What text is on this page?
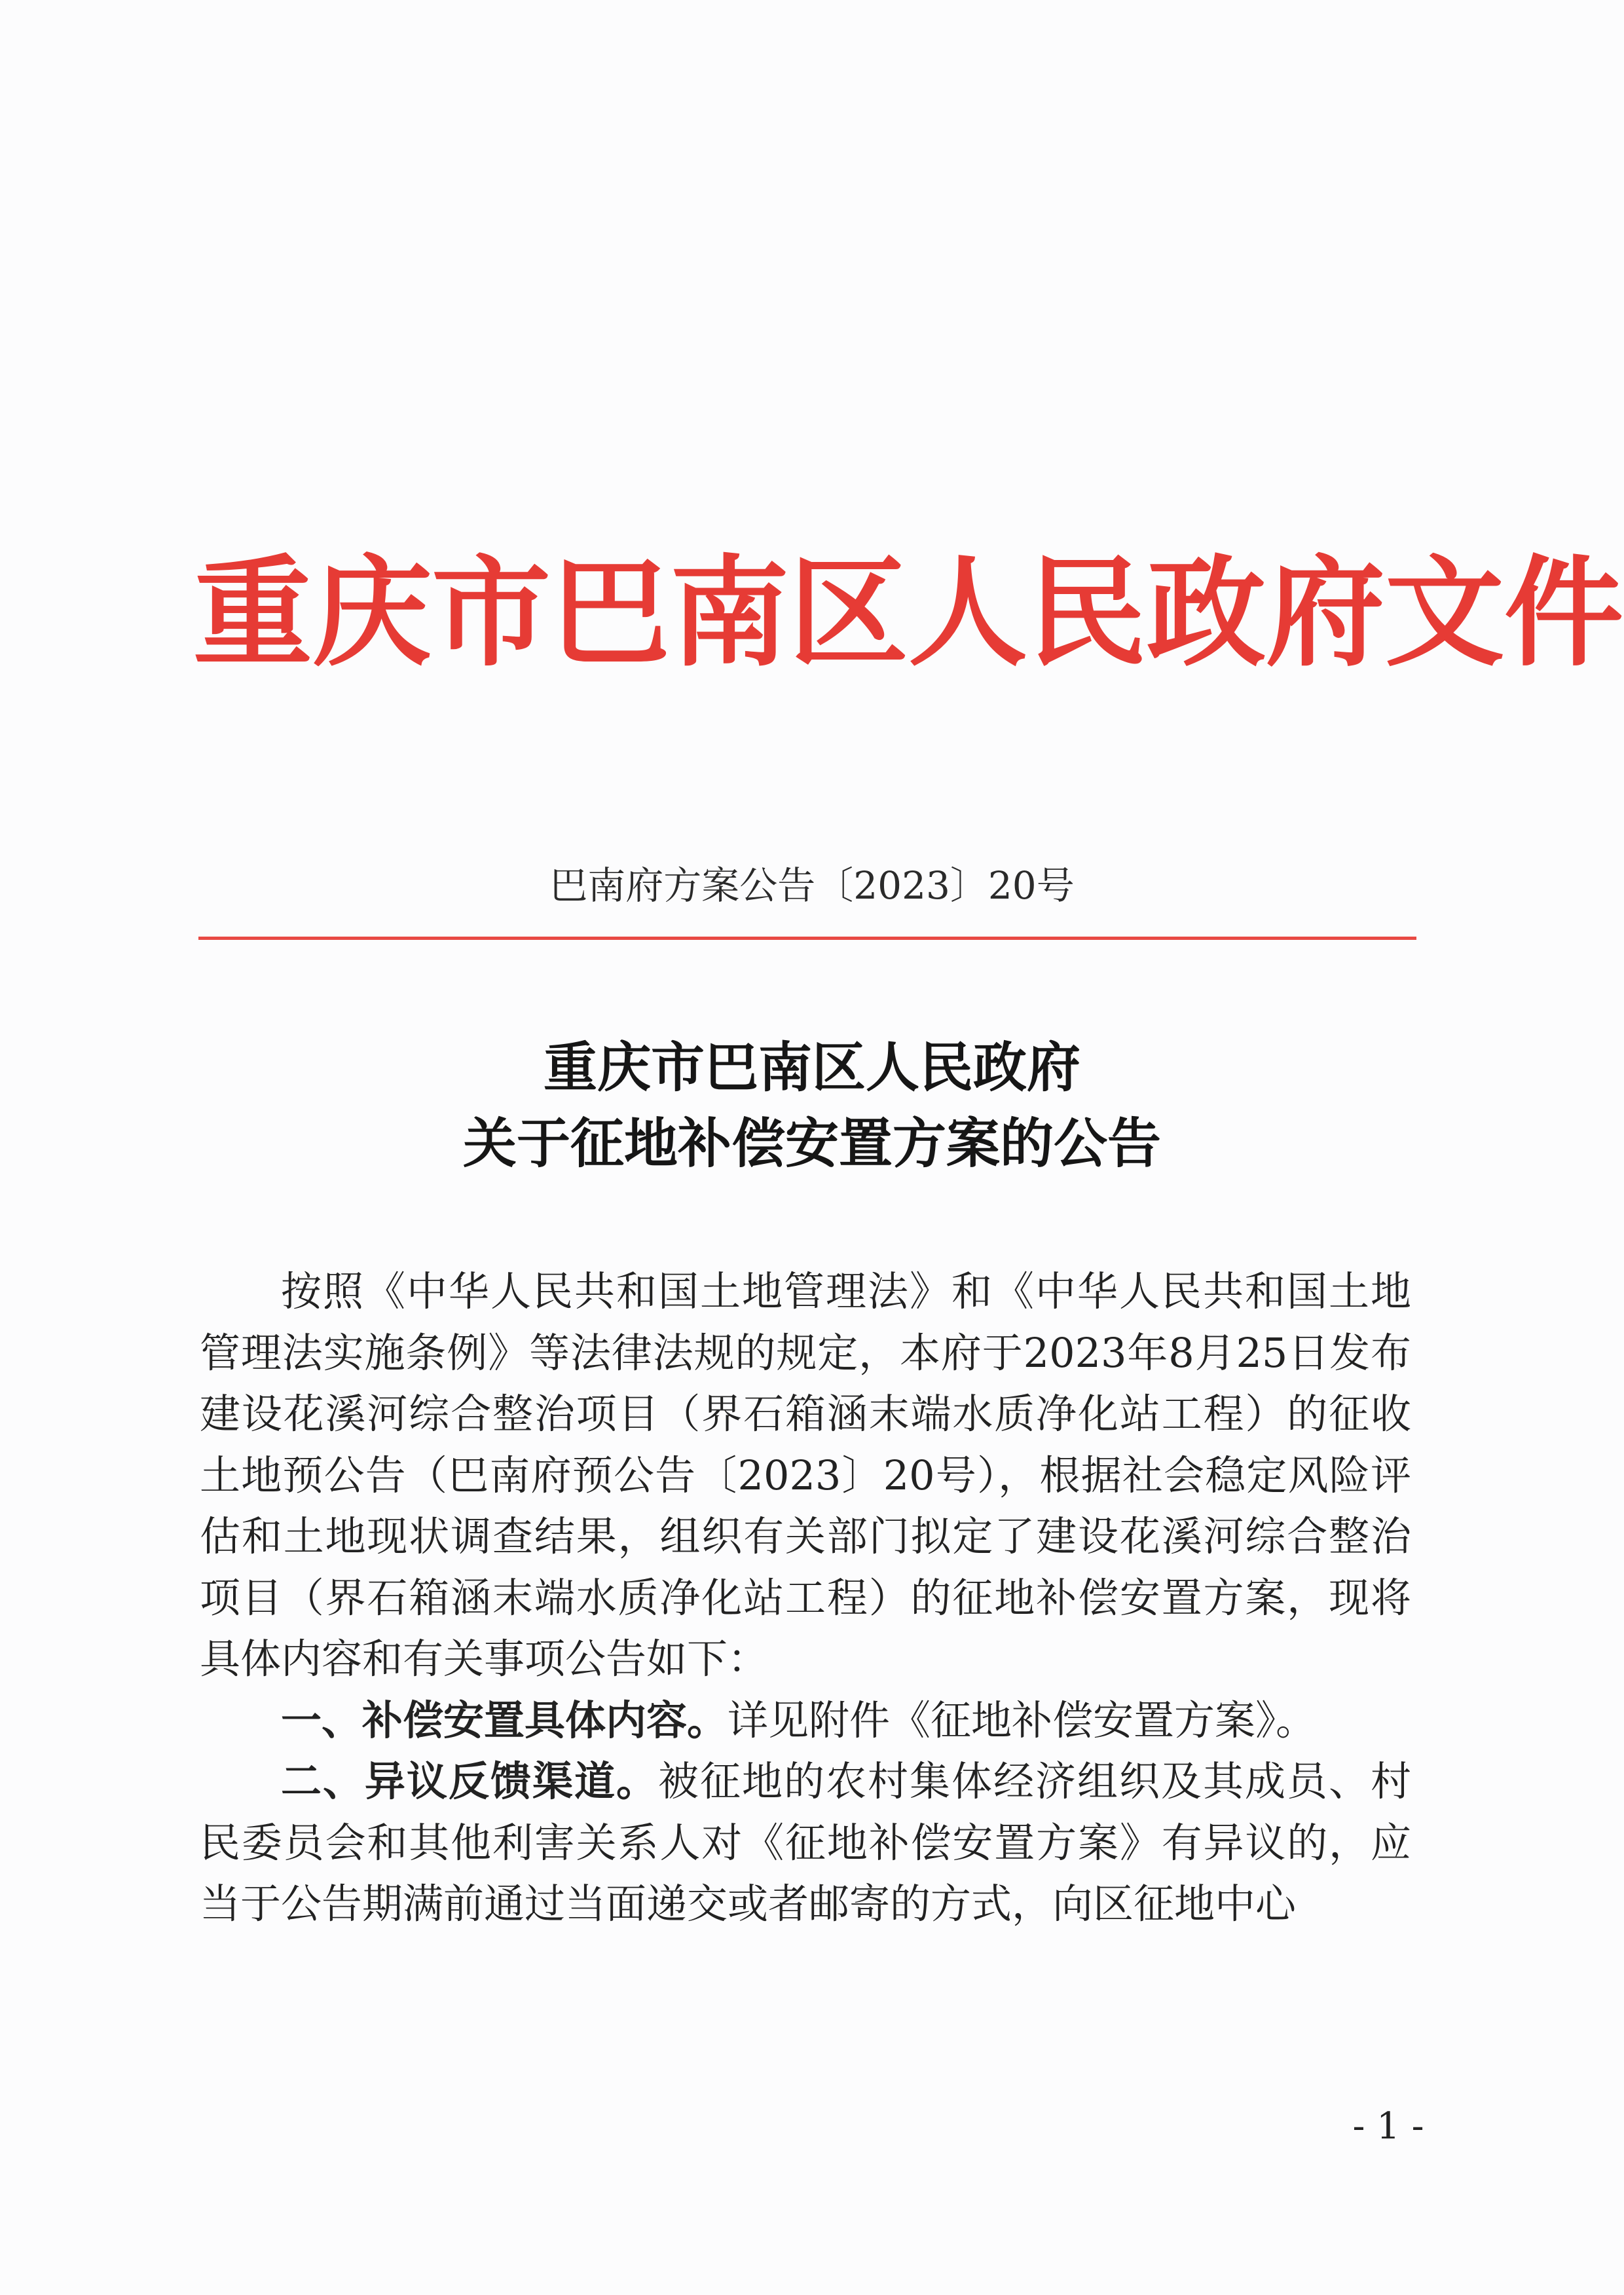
重庆市巴南区人民政府文件

巴南府方案公告〔2023〕20号

重庆市巴南区人民政府
关于征地补偿安置方案的公告

按照《中华人民共和国土地管理法》和《中华人民共和国土地管理法实施条例》等法律法规的规定，本府于2023年8月25日发布建设花溪河综合整治项目（界石箱涵末端水质净化站工程）的征收土地预公告（巴南府预公告〔2023〕20号），根据社会稳定风险评估和土地现状调查结果，组织有关部门拟定了建设花溪河综合整治项目（界石箱涵末端水质净化站工程）的征地补偿安置方案，现将具体内容和有关事项公告如下：

一、补偿安置具体内容。详见附件《征地补偿安置方案》。

二、异议反馈渠道。被征地的农村集体经济组织及其成员、村民委员会和其他利害关系人对《征地补偿安置方案》有异议的，应当于公告期满前通过当面递交或者邮寄的方式，向区征地中心

- 1 -
